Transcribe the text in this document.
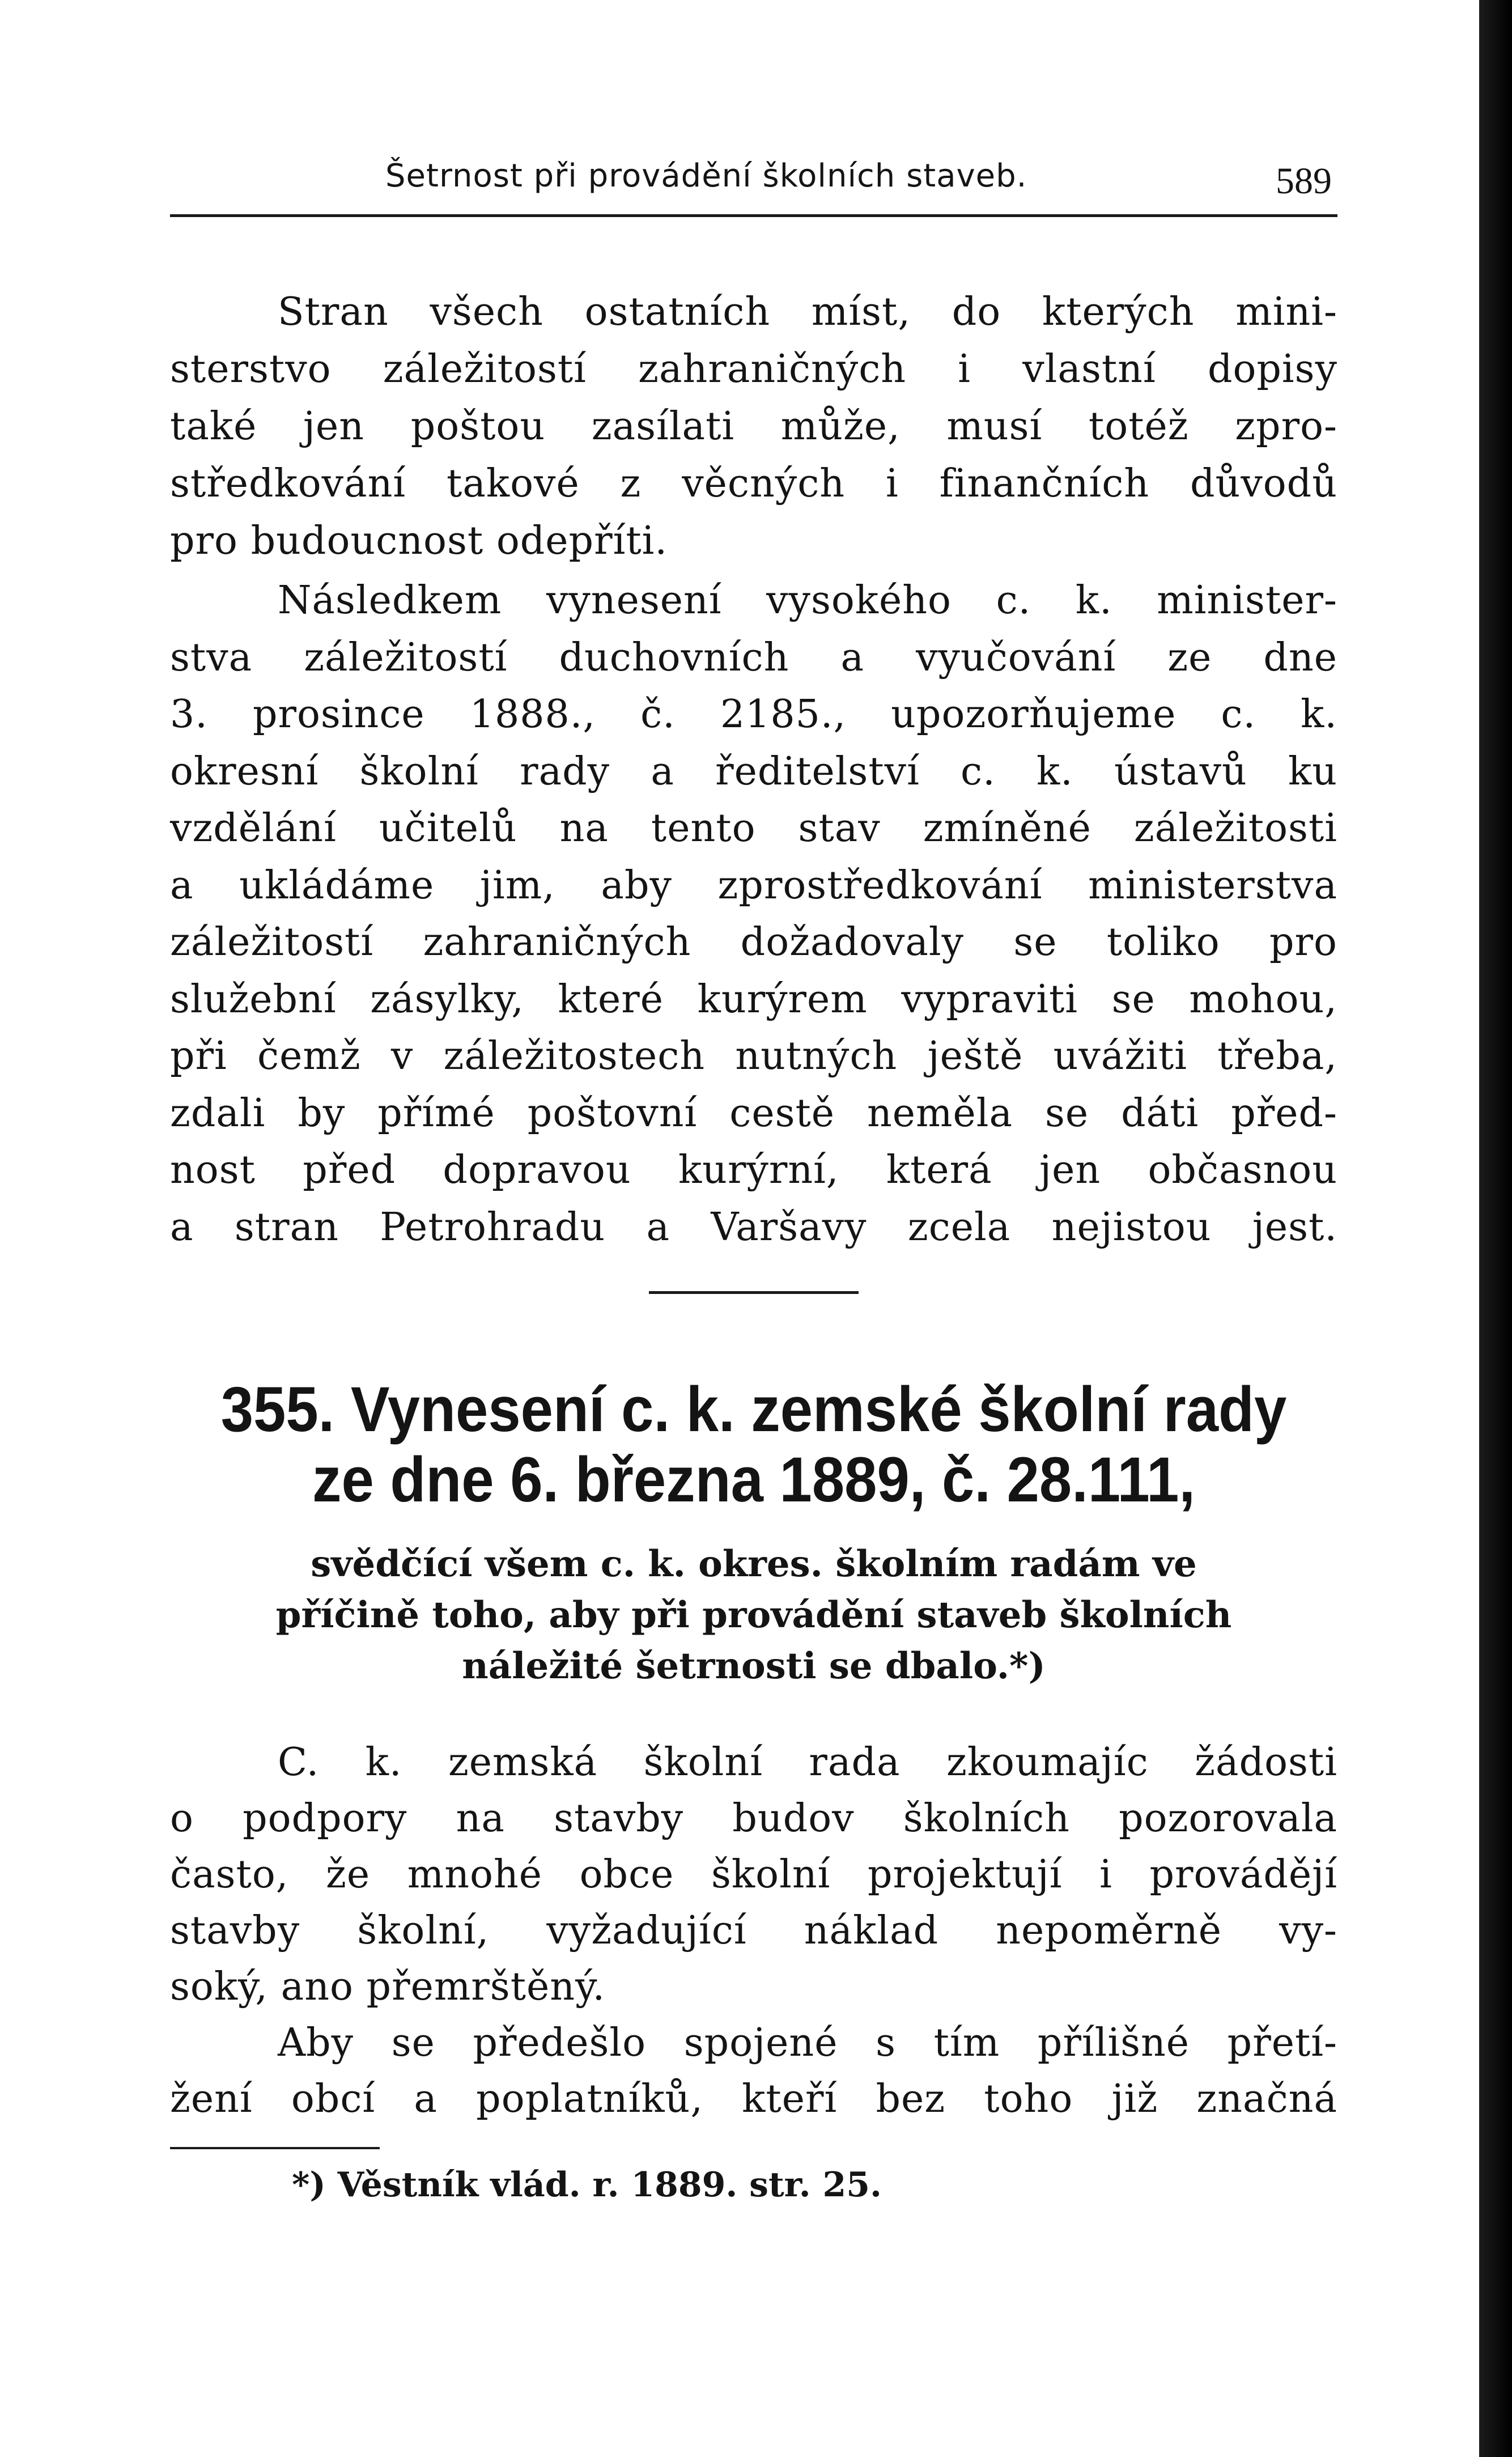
Šetrnost při provádění školních staveb.	589
Stran všech ostatních míst, do kterých mini-
sterstvo záležitostí zahraničných i vlastní dopisy
také jen poštou zasílati může, musí totéž zpro-
středkování takové z věcných i finančních důvodů
pro budoucnost odepříti.
Následkem vynesení vysokého c. k. minister-
stva záležitostí duchovních a vyučování ze dne
3. prosince 1888., č. 2185., upozorňujeme c. k.
okresní školní rady a ředitelství c. k. ústavů ku
vzdělání učitelů na tento stav zmíněné záležitosti
a ukládáme jim, aby zprostředkování ministerstva
záležitostí zahraničných dožadovaly se toliko pro
služební zásylky, které kurýrem vypraviti se mohou,
při čemž v záležitostech nutných ještě uvážiti třeba,
zdali by přímé poštovní cestě neměla se dáti před-
nost před dopravou kurýrní, která jen občasnou
a stran Petrohradu a Varšavy zcela nejistou jest.
355. Vynesení c. k. zemské školní rady
ze dne 6. března 1889, č. 28.111,
svědčící všem c. k. okres. školním radám ve
příčině toho, aby při provádění staveb školních
náležité šetrnosti se dbalo.*)
C. k. zemská školní rada zkoumajíc žádosti
o podpory na stavby budov školních pozorovala
často, že mnohé obce školní projektují i provádějí
stavby školní, vyžadující náklad nepoměrně vy-
soký, ano přemrštěný.
Aby se předešlo spojené s tím přílišné přetí-
žení obcí a poplatníků, kteří bez toho již značná
*) Věstník vlád. r. 1889. str. 25.
